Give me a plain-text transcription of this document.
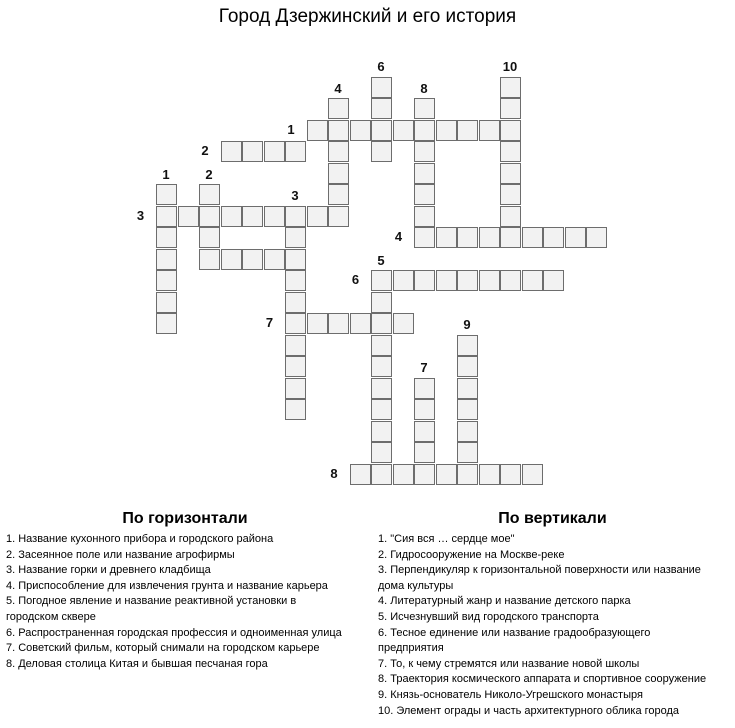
Город Дзержинский и его история
1
2
3
4
6
7
8
1	2
3
4
5
6
7
8
9
10
По горизонтали
1. Название кухонного прибора и городского района
2. Засеянное поле или название агрофирмы
3. Название горки и древнего кладбища
4. Приспособление для извлечения грунта и название карьера
5. Погодное явление и название реактивной установки в
городском сквере
6. Распространенная городская профессия и одноименная улица
7. Советский фильм, который снимали на городском карьере
8. Деловая столица Китая и бывшая песчаная гора
По вертикали
1. "Сия вся … сердце мое"
2. Гидросооружение на Москве-реке
3. Перпендикуляр к горизонтальной поверхности или название
дома культуры
4. Литературный жанр и название детского парка
5. Исчезнувший вид городского транспорта
6. Тесное единение или название градообразующего
предприятия
7. То, к чему стремятся или название новой школы
8. Траектория космического аппарата и спортивное сооружение
9. Князь-основатель Николо-Угрешского монастыря
10. Элемент ограды и часть архитектурного облика города
